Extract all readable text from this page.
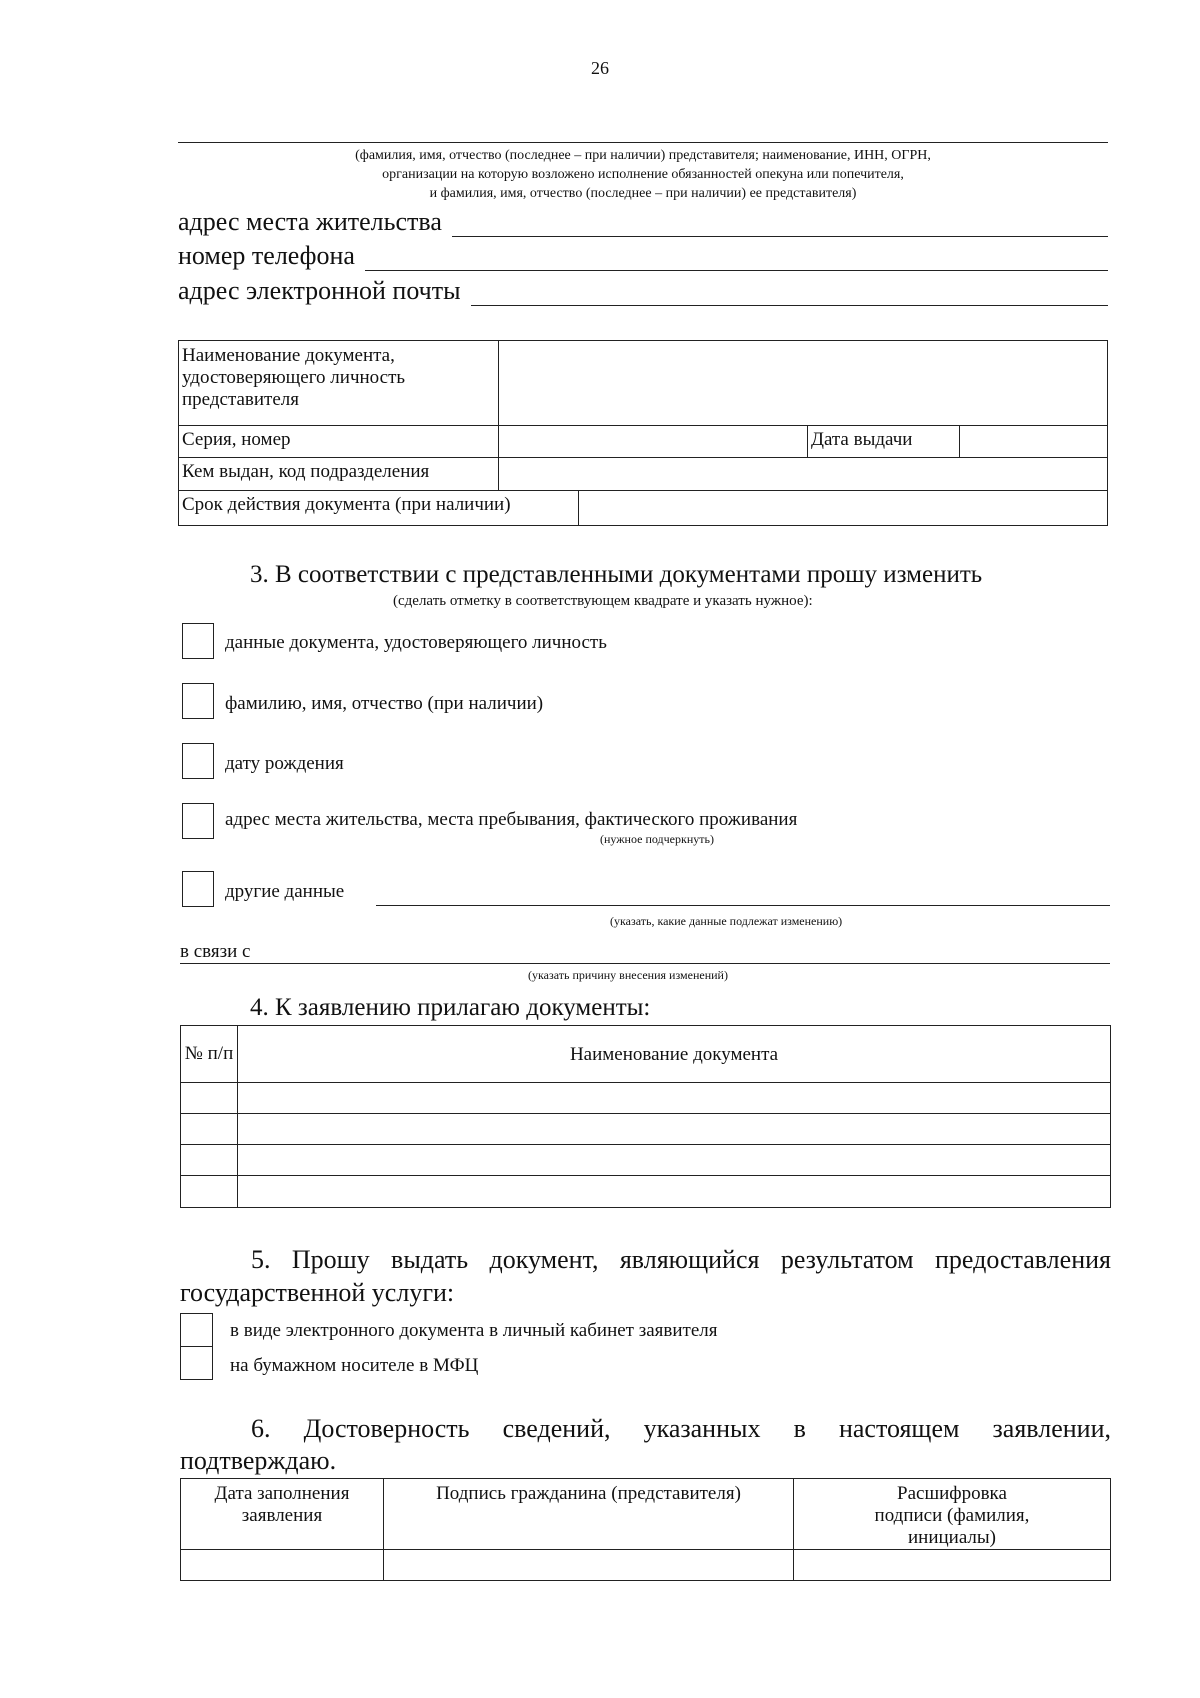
26
(фамилия, имя, отчество (последнее – при наличии) представителя; наименование, ИНН, ОГРН,
организации на которую возложено исполнение обязанностей опекуна или попечителя,
и фамилия, имя, отчество (последнее – при наличии) ее представителя)
адрес места жительства
номер телефона
адрес электронной почты
Наименование документа, удостоверяющего личность представителя			
Серия, номер		Дата выдачи	
Кем выдан, код подразделения			
Срок действия документа (при наличии)	
3. В соответствии с представленными документами прошу изменить
(сделать отметку в соответствующем квадрате и указать нужное):
данные документа, удостоверяющего личность
фамилию, имя, отчество (при наличии)
дату рождения
адрес места жительства, места пребывания, фактического проживания
(нужное подчеркнуть)
другие данные
(указать, какие данные подлежат изменению)
в связи с
(указать причину внесения изменений)
4. К заявлению прилагаю документы:
№ п/п	Наименование документа

5. Прошу выдать документ, являющийся результатом предоставления
государственной услуги:
в виде электронного документа в личный кабинет заявителя
на бумажном носителе в МФЦ
6. Достоверность сведений, указанных в настоящем заявлении,
подтверждаю.
Дата заполнения заявления	Подпись гражданина (представителя)	Расшифровка подписи (фамилия, инициалы)
